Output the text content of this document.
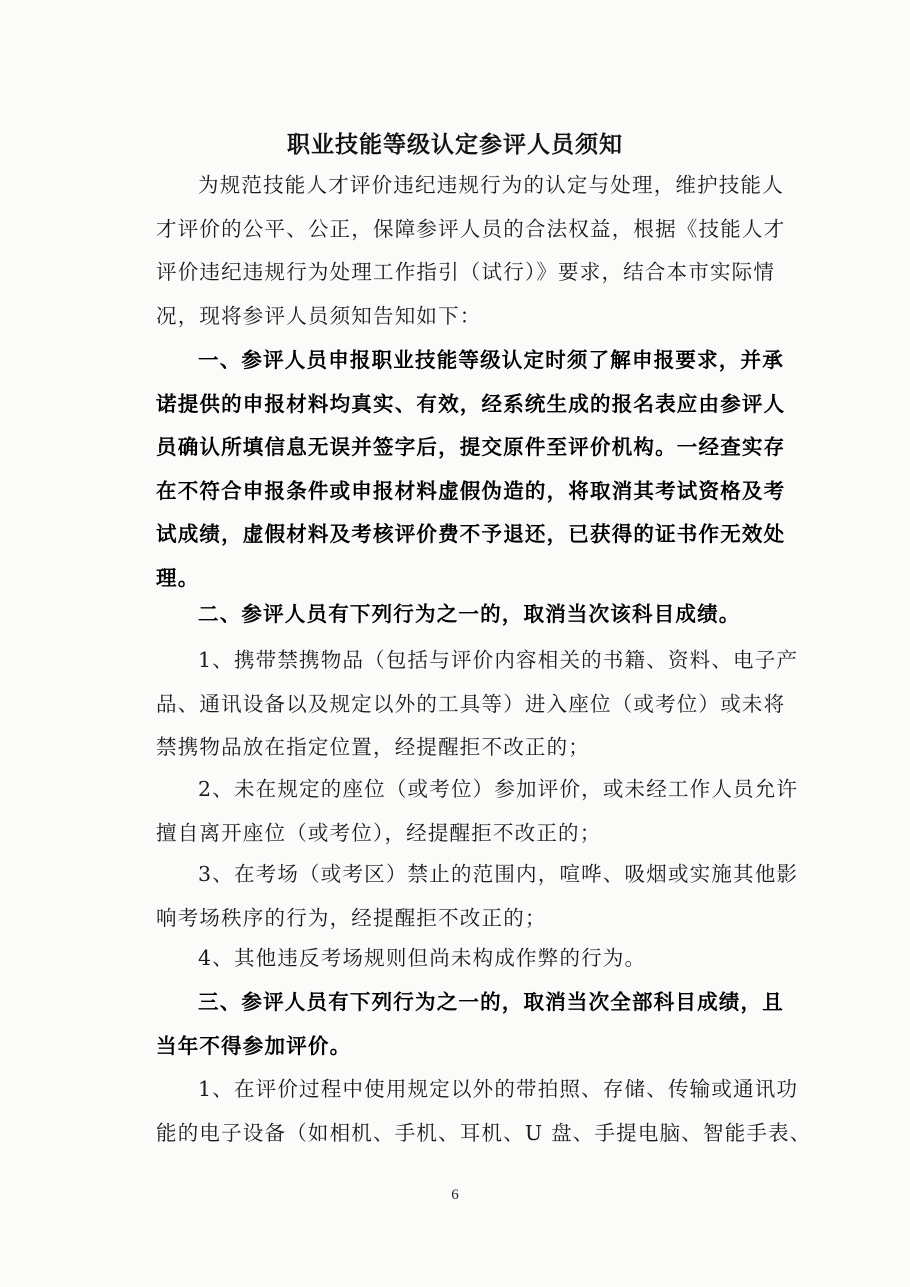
职业技能等级认定参评人员须知
为规范技能人才评价违纪违规行为的认定与处理，维护技能人
才评价的公平、公正，保障参评人员的合法权益，根据《技能人才
评价违纪违规行为处理工作指引（试行）》要求，结合本市实际情
况，现将参评人员须知告知如下：
一、参评人员申报职业技能等级认定时须了解申报要求，并承
诺提供的申报材料均真实、有效，经系统生成的报名表应由参评人
员确认所填信息无误并签字后，提交原件至评价机构。一经查实存
在不符合申报条件或申报材料虚假伪造的，将取消其考试资格及考
试成绩，虚假材料及考核评价费不予退还，已获得的证书作无效处
理。
二、参评人员有下列行为之一的，取消当次该科目成绩。
1、携带禁携物品（包括与评价内容相关的书籍、资料、电子产
品、通讯设备以及规定以外的工具等）进入座位（或考位）或未将
禁携物品放在指定位置，经提醒拒不改正的；
2、未在规定的座位（或考位）参加评价，或未经工作人员允许
擅自离开座位（或考位），经提醒拒不改正的；
3、在考场（或考区）禁止的范围内，喧哗、吸烟或实施其他影
响考场秩序的行为，经提醒拒不改正的；
4、其他违反考场规则但尚未构成作弊的行为。
三、参评人员有下列行为之一的，取消当次全部科目成绩，且
当年不得参加评价。
1、在评价过程中使用规定以外的带拍照、存储、传输或通讯功
能的电子设备（如相机、手机、耳机、U 盘、手提电脑、智能手表、
6
